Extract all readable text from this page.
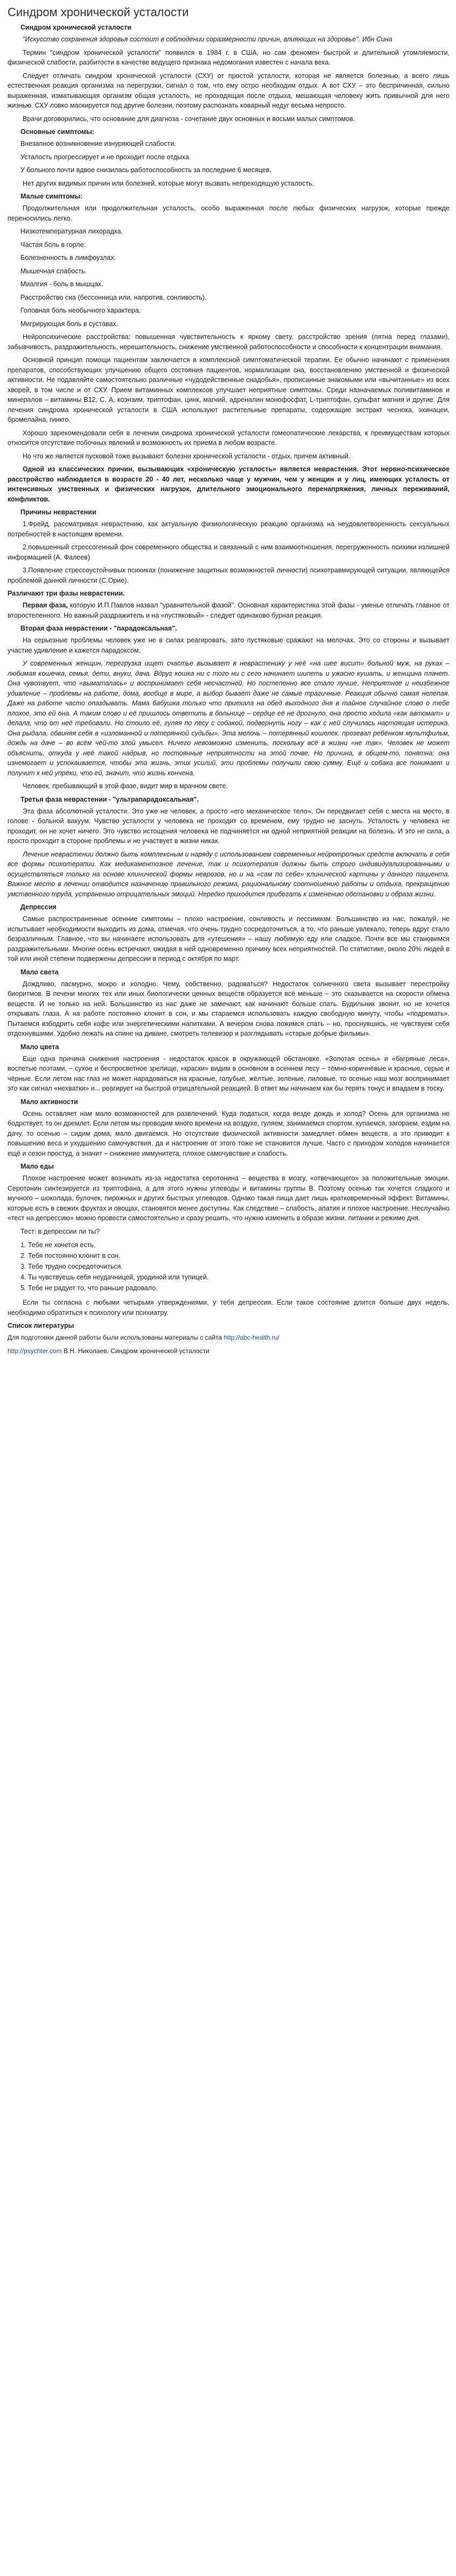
Синдром хронической усталости
Синдром хронической усталости

"Искусство сохранения здоровья состоит в соблюдении соразмерности причин, влияющих на здоровье". Ибн Сина

Термин "синдром хронической усталости" появился в 1984 г. в США, но сам феномен быстрой и длительной утомляемости, физической слабости, разбитости в качестве ведущего признака недомогания известен с начала века.

Следует отличать синдром хронической усталости (СХУ) от простой усталости, которая не является болезнью, а всего лишь естественная реакция организма на перегрузки, сигнал о том, что ему остро необходим отдых. А вот СХУ – это беспричинная, сильно выраженная, изматывающая организм общая усталость, не проходящая после отдыха, мешающая человеку жить привычной для него жизнью. СХУ ловко маскируется под другие болезни, поэтому распознать коварный недуг весьма непросто.

Врачи договорились, что основание для диагноза - сочетание двух основных и восьми малых симптомов.

Основные симптомы:
Внезапное возникновение изнуряющей слабости.
Усталость прогрессирует и не проходит после отдыха.
У больного почти вдвое снизилась работоспособность за последние 6 месяцев.

Нет других видимых причин или болезней, которые могут вызвать непреходящую усталость.

Малые симптомы:

Продолжительная или продолжительная усталость, особо выраженная после любых физических нагрузок, которые прежде переносились легко.

Низкотемпературная лихорадка.
Частая боль в горле.
Болезненность в лимфоузлах.
Мышечная слабость.
Миалгия - боль в мышцах.
Расстройство сна (бессонница или, напротив, сонливость).
Головная боль необычного характера.
Мигрирующая боль в суставах.

Нейропсихические расстройства: повышенная чувствительность к яркому свету, расстройство зрения (пятна перед глазами), забывчивость, раздражительность, нерешительность, снижение умственной работоспособности и способности к концентрации внимания.

Основной принцип помощи пациентам заключается в комплексной симптоматической терапии. Ее обычно начинают с применения препаратов, способствующих улучшению общего состояния пациентов, нормализации сна, восстановлению умственной и физической активности. Не подавляйте самостоятельно различные «чудодейственные снадобья», прописанные знакомыми или «вычитанные» из всех хворей, в том числе и от СХУ. Прием витаминных комплексов улучшает неприятные симптомы. Среди назначаемых поливитаминов и минералов – витамины В12, С, А, коэнзим, триптофан, цинк, магний, адреналин монофосфат, L-триптофан, сульфат магния и другие. Для лечения синдрома хронической усталости в США используют растительные препараты, содержащие экстракт чеснока, эхинацеи, бромелайна, гинкго.

Хорошо зарекомендовали себя в лечении синдрома хронической усталости гомеопатические лекарства, к преимуществам которых относится отсутствие побочных явлений и возможность их приема в любом возрасте.

Но что же является пусковой тоже вызывают болезни хронической усталости - отдых, причем активный.

Одной из классических причин, вызывающих «хроническую усталость» является неврастения. Этот нервно-психическое расстройство наблюдается в возрасте 20 - 40 лет, несколько чаще у мужчин, чем у женщин и у лиц, имеющих усталость от интенсивных умственных и физических нагрузок, длительного эмоционального перенапряжения, личных переживаний, конфликтов.

Причины неврастении

1.Фрейд, рассматривая неврастению, как актуальную физиологическую реакцию организма на неудовлетворенность сексуальных потребностей в настоящем времени.

2.повышенный стрессогенный фон современного общества и связанный с ним взаимоотношения, перегруженность психики излишней информацией (А. Фалеев)

3.Появление стрессоустойчивых психиках (понижение защитных возможностей личности) психотравмирующей ситуации, являющейся проблемой данной личности (С.Орие).

Различают три фазы неврастении.

Первая фаза, которую И.П.Павлов назвал "уравнительной фазой". Основная характеристика этой фазы - уменье отличать главное от второстепенного. Но важный раздражитель и на «пустяковый» - следует одинаково бурная реакция.

Вторая фаза неврастении - "парадоксальная".

На серьезные проблемы человек уже не в силах реагировать, зато пустяковые сражают на мелочах. Это со стороны и вызывает участие удивление и кажется парадоксом.

У современных женщин, перегрузка ищет счастье вызывает в неврастенику у неё «на шее висит» больной муж, на руках – любимая кошечка, семья, дети, внуки, дача. Вдруг кошка ни с того ни с сего начинает шипеть и ужасно кушать, и женщина плачет. Она чувствует, что «выматалась» и воспринимает себя несчастной. Но постепенно все стало лучше. Неприятное и неизбежное удивление – проблемы на работе, дома, вообще в мире, а выбор бывает даже не самые трагичные. Реакция обычно самая нелепая. Даже на работе часто опаздывать. Мама бабушка только что приехала на обед выходного дня в тайное случайное слово о тебе плохое, это ей она. А таким слово и её пришлось ответить в больнице – сердце её не дрогнуло, она просто ходила «как автомат» и делала, что от неё требовали. Но стоило её, гуляя по лесу с собакой, подвернуть ногу – как с ней случилась настоящая истерика. Она рыдала, обвиняя себя в «изломанной и потерянной судьбы». Эта мелочь – потерянный кошелек, прозевал ребёнком мультфильм, дождь на даче – во всём чей-то злой умысел. Ничего невозможно изменить, поскольку всё в жизни «не так». Человек не может объяснить, откуда у неё такой надрыв, но постоянные неприятности на этой почве, Но причина, в общем-то, понятна: она изнемогает и успокаивается, чтобы эта жизнь, этих усилий, эти проблемы получили свою сумму. Ещё и собака все понимает и получит к ней упрёки, что ей, значит, что жизнь кончена.

Человек, пребывающий в этой фазе, видит мир в мрачном свете.

Третья фаза неврастении - "ультрапарадоксальная".

Эта фаза абсолютной усталости. Это уже не человек, а просто «его механическое тело». Он передвигает себя с места на место, в голове - больной вакуум. Чувство усталости у человека не проходит со временем, ему трудно не заснуть. Усталость у человека не проходит, он не хочет ничего. Это чувство истощения человека не подчиняется ни одной неприятной реакции на болезнь. И это не сила, а просто проходит в стороне проблемы и не участвует в жизни никак.

Лечение неврастении должно быть комплексным и наряду с использованием современных нейротропных средств включать в себя все формы психотерапии. Как медикаментозное лечение, так и психотерапия должны быть строго индивидуализированными и осуществляться только на основе клинической формы неврозов, но и на «сам по себе» клинической картины у данного пациента. Важное место в лечении отводится назначению правильного режима, рациональному соотношению работы и отдыха, прекращению умственного труда, устранению отрицательных эмоций. Нередко приходится прибегать к изменению обстановки и образа жизни.

Депрессия

Самые распространенные осенние симптомы – плохо настроение, сонливость и пессимизм. Большинство из нас, пожалуй, не испытывает необходимости выходить из дома, отмечая, что очень трудно сосредоточиться, а то, что раньше увлекало, теперь вдруг стало безразличным. Главное, что вы начинаете использовать для «утешения» – нашу любимую еду или сладкое. Почти все мы становимся раздражительными. Многие осень встречают, ожидая в ней одновременно причину всех неприятностей. По статистике, около 20% людей в той или иной степени подвержены депрессии в период с октября по март.

Мало света

Дождливо, пасмурно, мокро и холодно. Чему, собственно, радоваться? Недостаток солнечного света вызывает перестройку биоритмов. В печени многих тех или иных биологически ценных веществ образуется всё меньше – это сказывается на скорости обмена веществ. И не только на ней. Большинство из нас даже не замечают, как начинают больше спать. Будильник звонит, но не хочется открывать глаза. А на работе постоянно клонит в сон, и мы стараемся использовать каждую свободную минуту, чтобы «подремать». Пытаемся взбодрить себя кофе или энергетическими напитками. А вечером снова ложимся спать – но, проснувшись, не чувствуем себя отдохнувшими. Удобно лежать на спине на диване, смотреть телевизор и разглядывать «старые добрые фильмы».

Мало цвета

Еще одна причина снижения настроения - недостаток красок в окружающей обстановке. «Золотая осень» и «багряные леса», воспетые поэтами, – сухое и беспросветное зрелище, «краски» видим в основном в осеннем лесу – тёмно-коричневые и красные, серые и чёрные. Если летом нас глаз не может нарадоваться на красные, голубые, жёлтые, зелёные, лиловые, то осенью наш мозг воспринимает это как сигнал «нехватки» и... реагирует на быстрой отрицательной реакцией. В ответ мы начинаем как бы терять тонус и впадаем в тоску.

Мало активности

Осень оставляет нам мало возможностей для развлечений. Куда податься, когда везде дождь и холод? Осень для организма не бодрствует, то он дремлет. Если летом мы проводим много времени на воздухе, гуляем, занимаемся спортом, купаемся, загораем, ездим на дачу, то осенью – сидим дома, мало двигаемся. Но отсутствие физической активности замедляет обмен веществ, а это приводит к повышению веса и ухудшению самочувствия, да и настроение от этого тоже не становится лучше. Часто с приходом холодов начинается ещё и сезон простуд, а значит – снижение иммунитета, плохое самочувствие и слабость.

Мало еды

Плохое настроение может возникать из-за недостатка серотонина – вещества в мозгу, «отвечающего» за положительные эмоции. Серотонин синтезируется из триптофана, а для этого нужны углеводы и витамины группы В. Поэтому осенью так хочется сладкого и мучного – шоколада, булочек, пирожных и других быстрых углеводов. Однако такая пища дает лишь кратковременный эффект. Витамины, которые есть в свежих фруктах и овощах, становятся менее доступны. Как следствие – слабость, апатия и плохое настроение. Неслучайно «тест на депрессию» можно провести самостоятельно и сразу решить, что нужно изменить в образе жизни, питании и режиме дня.

Тест: в депрессии ли ты?

1. Тебе не хочется есть.
2. Тебя постоянно клонит в сон.
3. Тебе трудно сосредоточиться.
4. Ты чувствуешь себя неудачницей, уродиной или тупицей.
5. Тебе не радует то, что раньше радовало.

Если ты согласна с любыми четырьмя утверждениями, у тебя депрессия. Если такое состояние длится больше двух недель, необходимо обратиться к психологу или психиатру.

Список литературы

Для подготовки данной работы были использованы материалы с сайта http://abc-health.ru/

http://psychter.com В.Н. Николаев. Синдром хронической усталости
